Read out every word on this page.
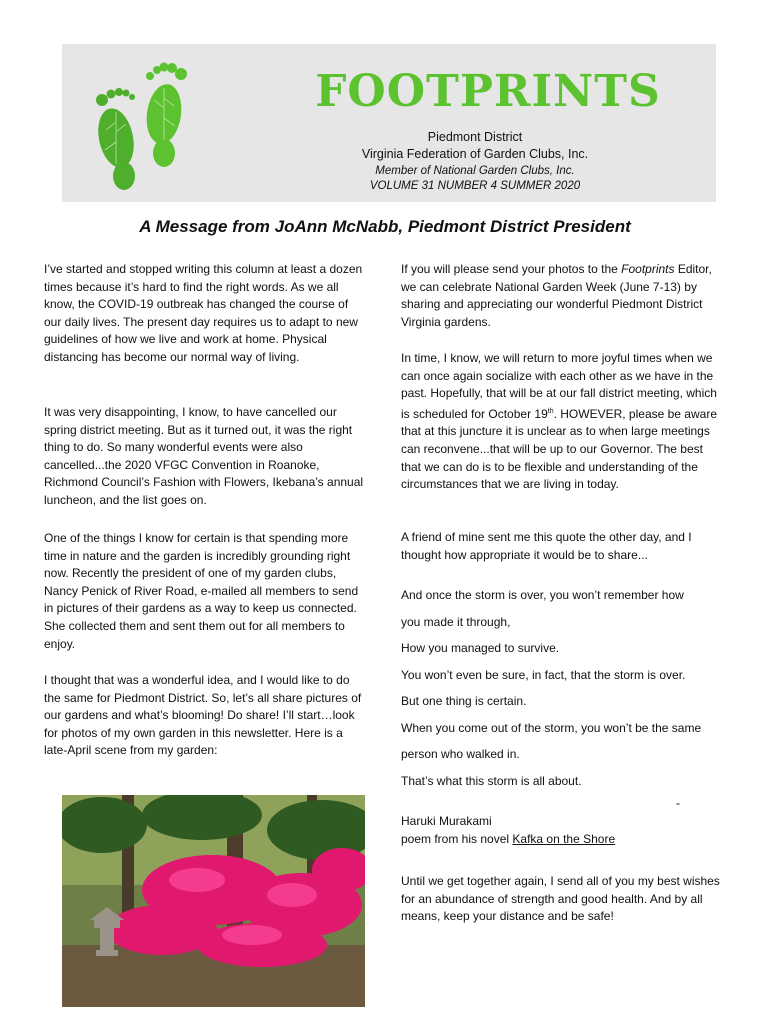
FOOTPRINTS
Piedmont District
Virginia Federation of Garden Clubs, Inc.
Member of National Garden Clubs, Inc.
VOLUME 31 NUMBER 4 SUMMER 2020
A Message from JoAnn McNabb, Piedmont District President

I’ve started and stopped writing this column at least a dozen times because it’s hard to find the right words. As we all know, the COVID-19 outbreak has changed the course of our daily lives. The present day requires us to adapt to new guidelines of how we live and work at home. Physical distancing has become our normal way of living.

It was very disappointing, I know, to have cancelled our spring district meeting. But as it turned out, it was the right thing to do. So many wonderful events were also cancelled...the 2020 VFGC Convention in Roanoke, Richmond Council’s Fashion with Flowers, Ikebana’s annual luncheon, and the list goes on.

One of the things I know for certain is that spending more time in nature and the garden is incredibly grounding right now. Recently the president of one of my garden clubs, Nancy Penick of River Road, e-mailed all members to send in pictures of their gardens as a way to keep us connected. She collected them and sent them out for all members to enjoy.

I thought that was a wonderful idea, and I would like to do the same for Piedmont District. So, let’s all share pictures of our gardens and what’s blooming! Do share! I’ll start…look for photos of my own garden in this newsletter. Here is a late-April scene from my garden:

If you will please send your photos to the Footprints Editor, we can celebrate National Garden Week (June 7-13) by sharing and appreciating our wonderful Piedmont District Virginia gardens.

In time, I know, we will return to more joyful times when we can once again socialize with each other as we have in the past. Hopefully, that will be at our fall district meeting, which is scheduled for October 19th. HOWEVER, please be aware that at this juncture it is unclear as to when large meetings can reconvene...that will be up to our Governor. The best that we can do is to be flexible and understanding of the circumstances that we are living in today.

A friend of mine sent me this quote the other day, and I thought how appropriate it would be to share...

And once the storm is over, you won’t remember how

you made it through,

How you managed to survive.

You won’t even be sure, in fact, that the storm is over.

But one thing is certain.

When you come out of the storm, you won’t be the same

person who walked in.

That’s what this storm is all about.

-

Haruki Murakami

poem from his novel Kafka on the Shore

Until we get together again, I send all of you my best wishes for an abundance of strength and good health. And by all means, keep your distance and be safe!
